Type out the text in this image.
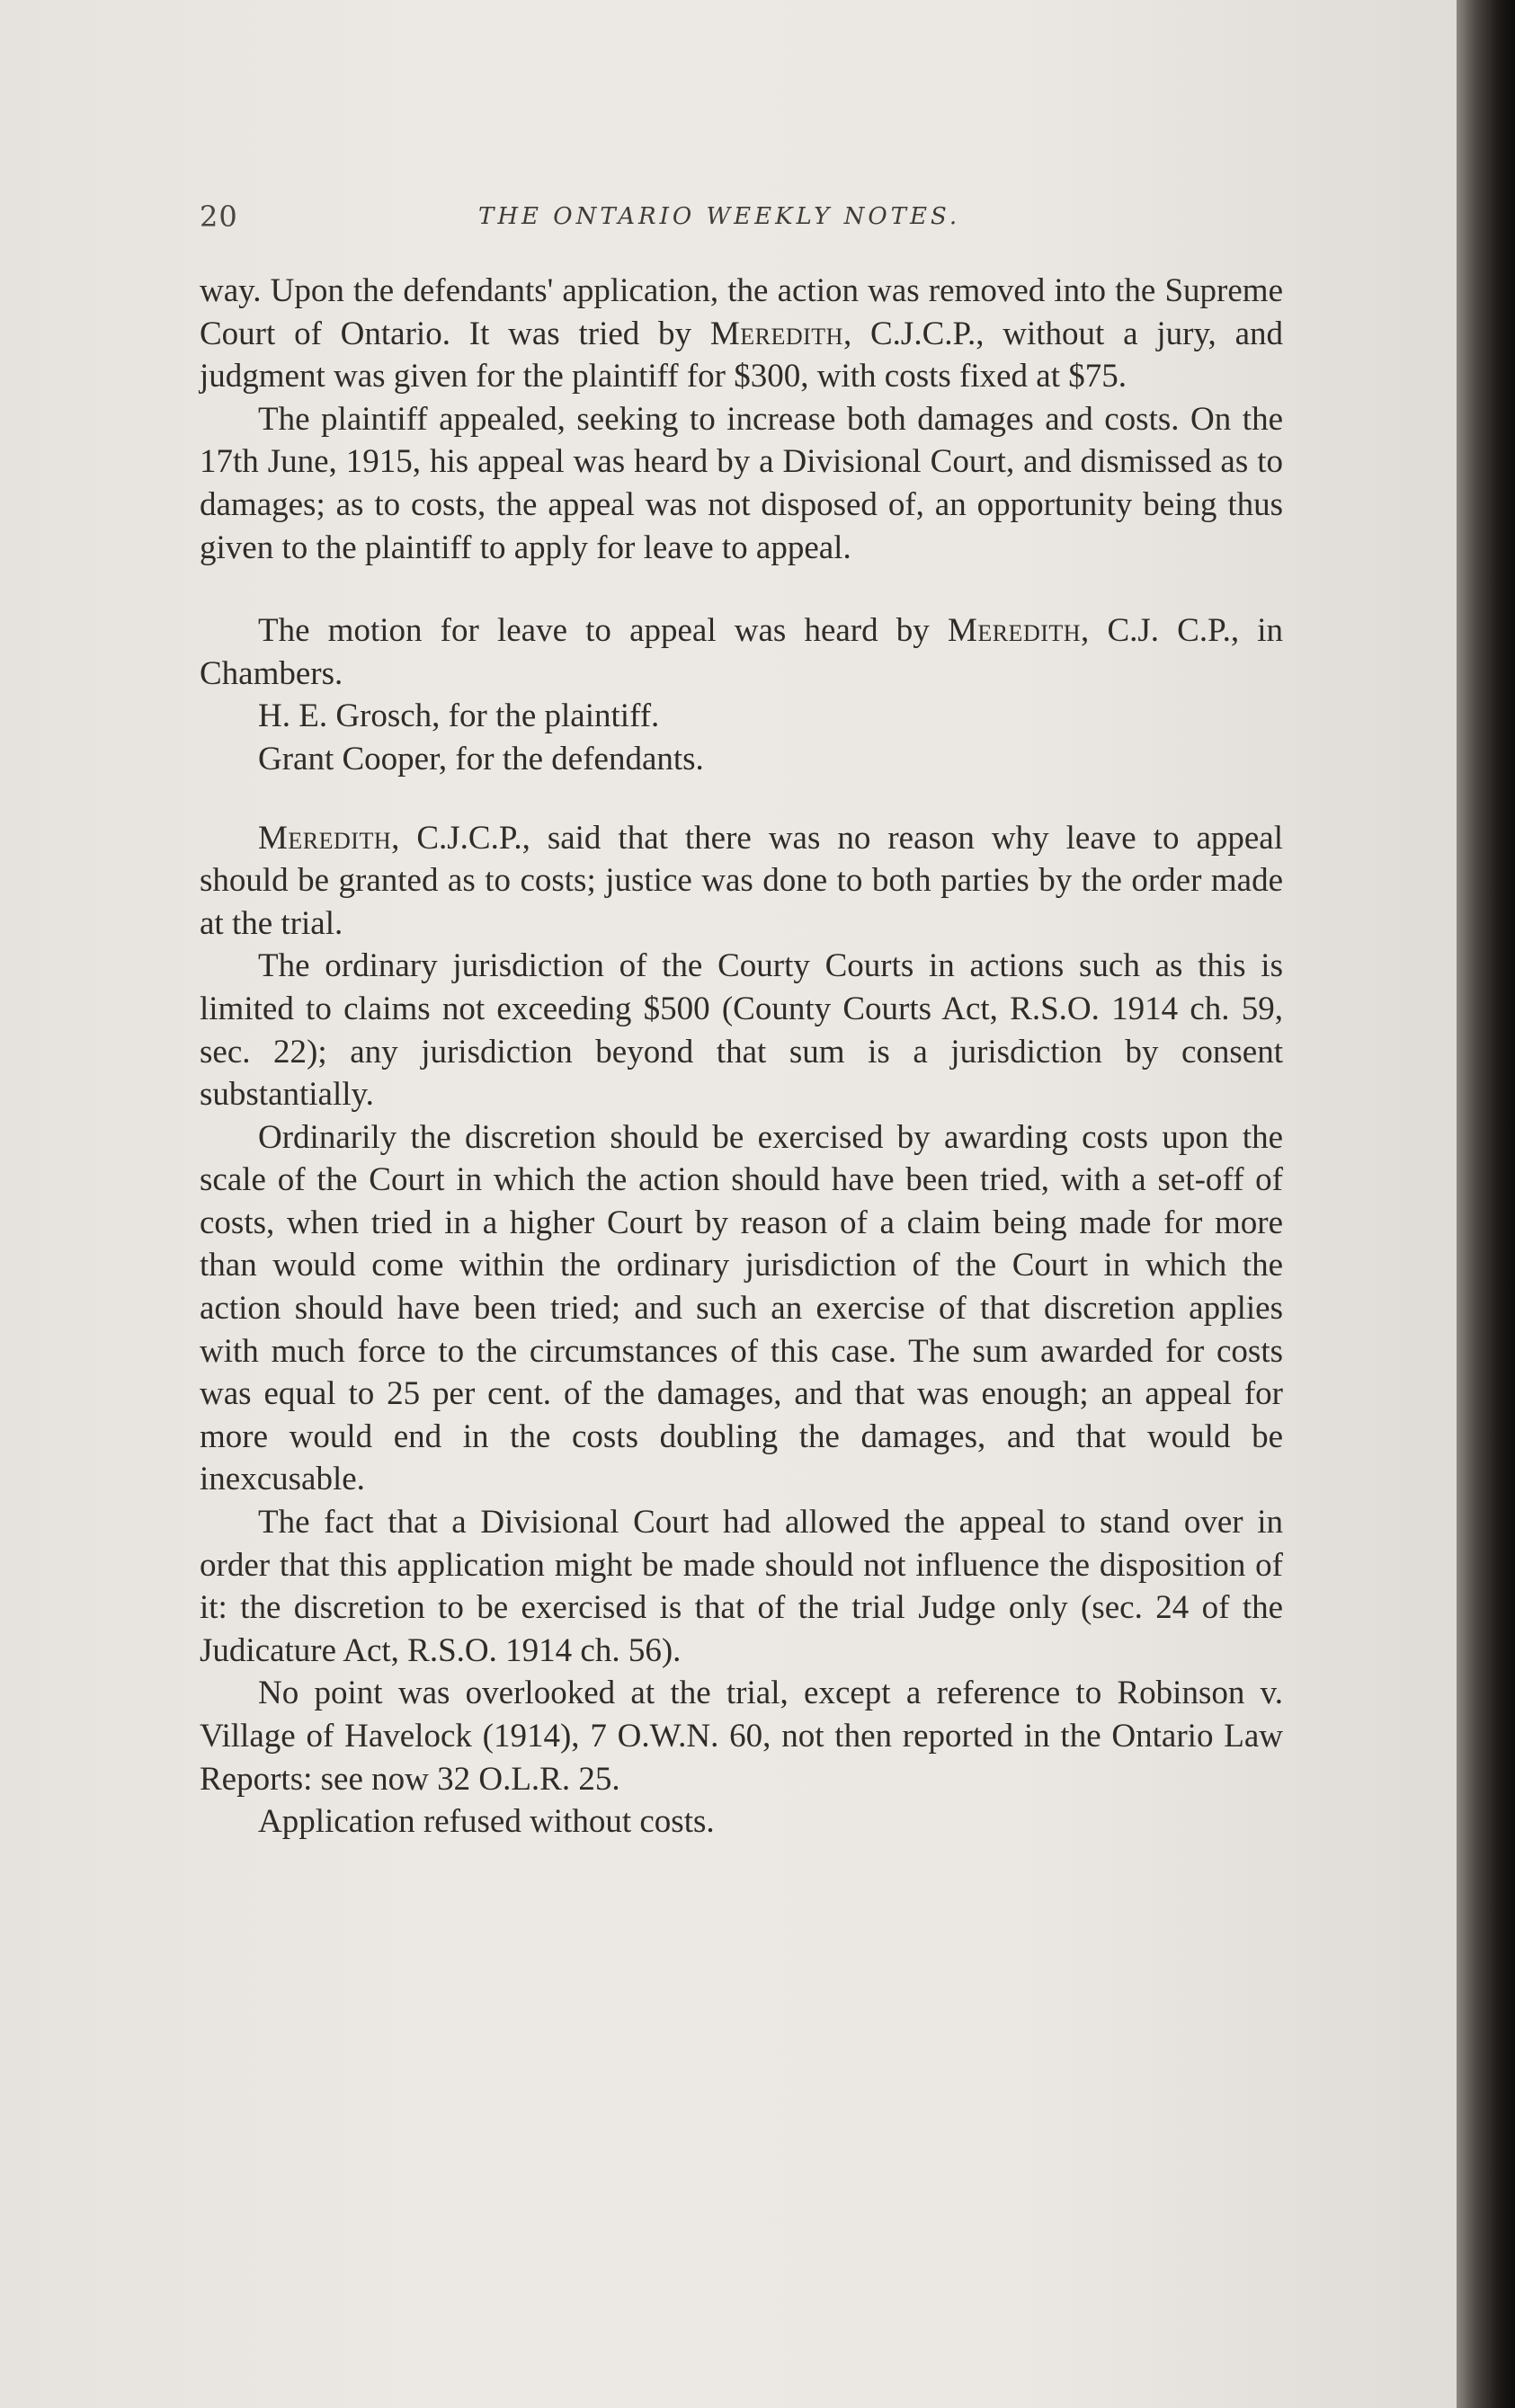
20	THE ONTARIO WEEKLY NOTES.

way. Upon the defendants' application, the action was removed into the Supreme Court of Ontario. It was tried by Meredith, C.J.C.P., without a jury, and judgment was given for the plaintiff for $300, with costs fixed at $75.

The plaintiff appealed, seeking to increase both damages and costs. On the 17th June, 1915, his appeal was heard by a Divisional Court, and dismissed as to damages; as to costs, the appeal was not disposed of, an opportunity being thus given to the plaintiff to apply for leave to appeal.

The motion for leave to appeal was heard by Meredith, C.J. C.P., in Chambers.

H. E. Grosch, for the plaintiff.

Grant Cooper, for the defendants.

Meredith, C.J.C.P., said that there was no reason why leave to appeal should be granted as to costs; justice was done to both parties by the order made at the trial.

The ordinary jurisdiction of the Courty Courts in actions such as this is limited to claims not exceeding $500 (County Courts Act, R.S.O. 1914 ch. 59, sec. 22); any jurisdiction beyond that sum is a jurisdiction by consent substantially.

Ordinarily the discretion should be exercised by awarding costs upon the scale of the Court in which the action should have been tried, with a set-off of costs, when tried in a higher Court by reason of a claim being made for more than would come within the ordinary jurisdiction of the Court in which the action should have been tried; and such an exercise of that discretion applies with much force to the circumstances of this case. The sum awarded for costs was equal to 25 per cent. of the damages, and that was enough; an appeal for more would end in the costs doubling the damages, and that would be inexcusable.

The fact that a Divisional Court had allowed the appeal to stand over in order that this application might be made should not influence the disposition of it: the discretion to be exercised is that of the trial Judge only (sec. 24 of the Judicature Act, R.S.O. 1914 ch. 56).

No point was overlooked at the trial, except a reference to Robinson v. Village of Havelock (1914), 7 O.W.N. 60, not then reported in the Ontario Law Reports: see now 32 O.L.R. 25.

Application refused without costs.
